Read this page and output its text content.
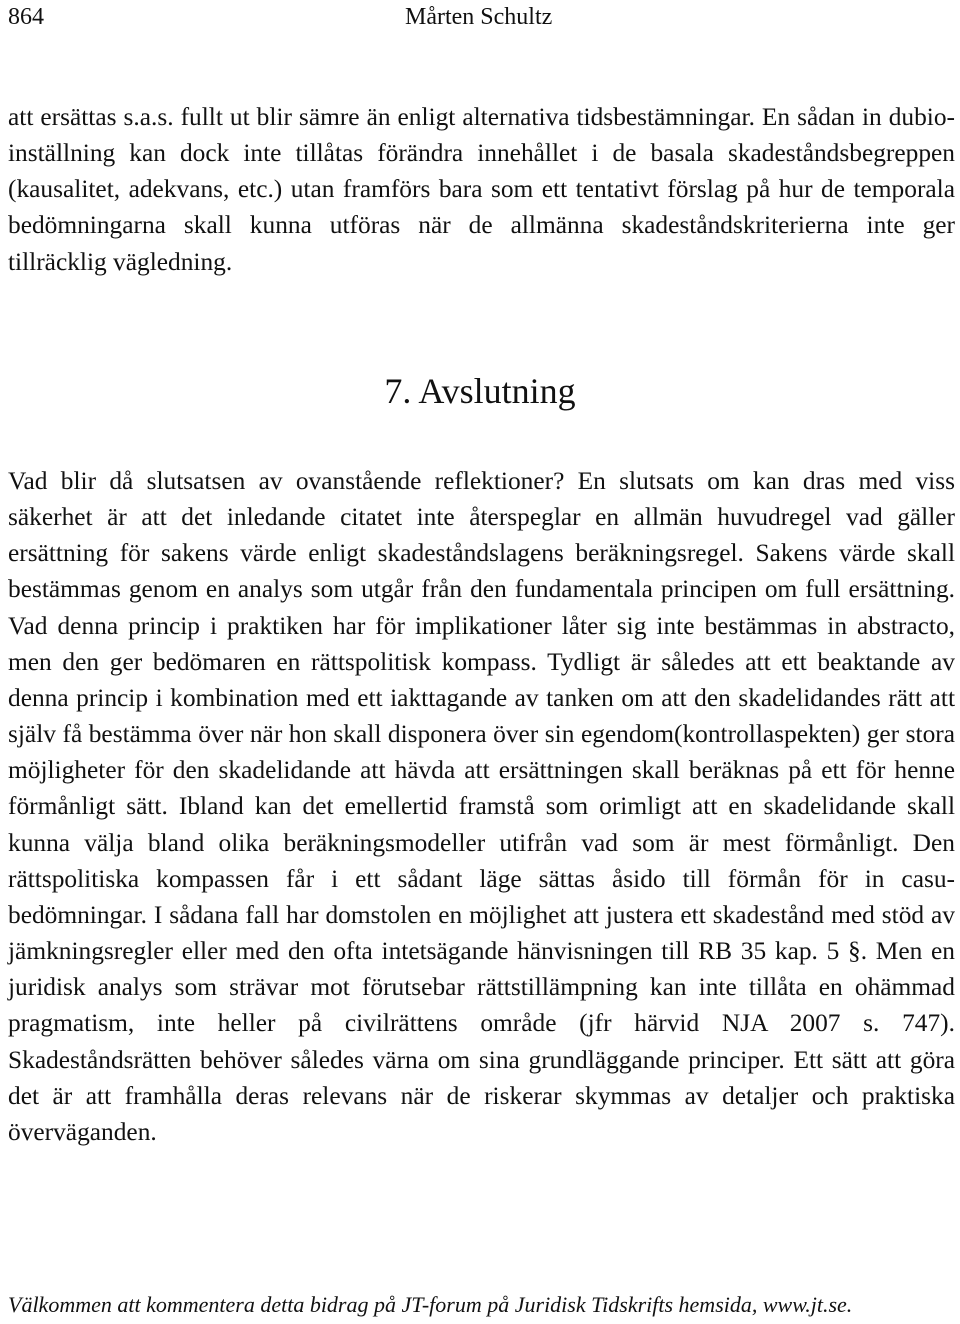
864	Mårten Schultz

att ersättas s.a.s. fullt ut blir sämre än enligt alternativa tidsbestämningar. En sådan in dubio-inställning kan dock inte tillåtas förändra innehållet i de basala skadeståndsbegreppen (kausalitet, adekvans, etc.) utan framförs bara som ett tentativt förslag på hur de temporala bedömningarna skall kunna utföras när de allmänna skadeståndskriterierna inte ger tillräcklig vägledning.

7. Avslutning

Vad blir då slutsatsen av ovanstående reflektioner? En slutsats om kan dras med viss säkerhet är att det inledande citatet inte återspeglar en allmän huvudregel vad gäller ersättning för sakens värde enligt skadeståndslagens beräkningsregel. Sakens värde skall bestämmas genom en analys som utgår från den fundamentala principen om full ersättning. Vad denna princip i praktiken har för implikationer låter sig inte bestämmas in abstracto, men den ger bedömaren en rättspolitisk kompass. Tydligt är således att ett beaktande av denna princip i kombination med ett iakttagande av tanken om att den skadelidandes rätt att själv få bestämma över när hon skall disponera över sin egendom(kontrollaspekten) ger stora möjligheter för den skadelidande att hävda att ersättningen skall beräknas på ett för henne förmånligt sätt. Ibland kan det emellertid framstå som orimligt att en skadelidande skall kunna välja bland olika beräkningsmodeller utifrån vad som är mest förmånligt. Den rättspolitiska kompassen får i ett sådant läge sättas åsido till förmån för in casu-bedömningar. I sådana fall har domstolen en möjlighet att justera ett skadestånd med stöd av jämkningsregler eller med den ofta intetsägande hänvisningen till RB 35 kap. 5 §. Men en juridisk analys som strävar mot förutsebar rättstillämpning kan inte tillåta en ohämmad pragmatism, inte heller på civilrättens område (jfr härvid NJA 2007 s. 747). Skadeståndsrätten behöver således värna om sina grundläggande principer. Ett sätt att göra det är att framhålla deras relevans när de riskerar skymmas av detaljer och praktiska överväganden.

Välkommen att kommentera detta bidrag på JT-forum på Juridisk Tidskrifts hemsida, www.jt.se.
